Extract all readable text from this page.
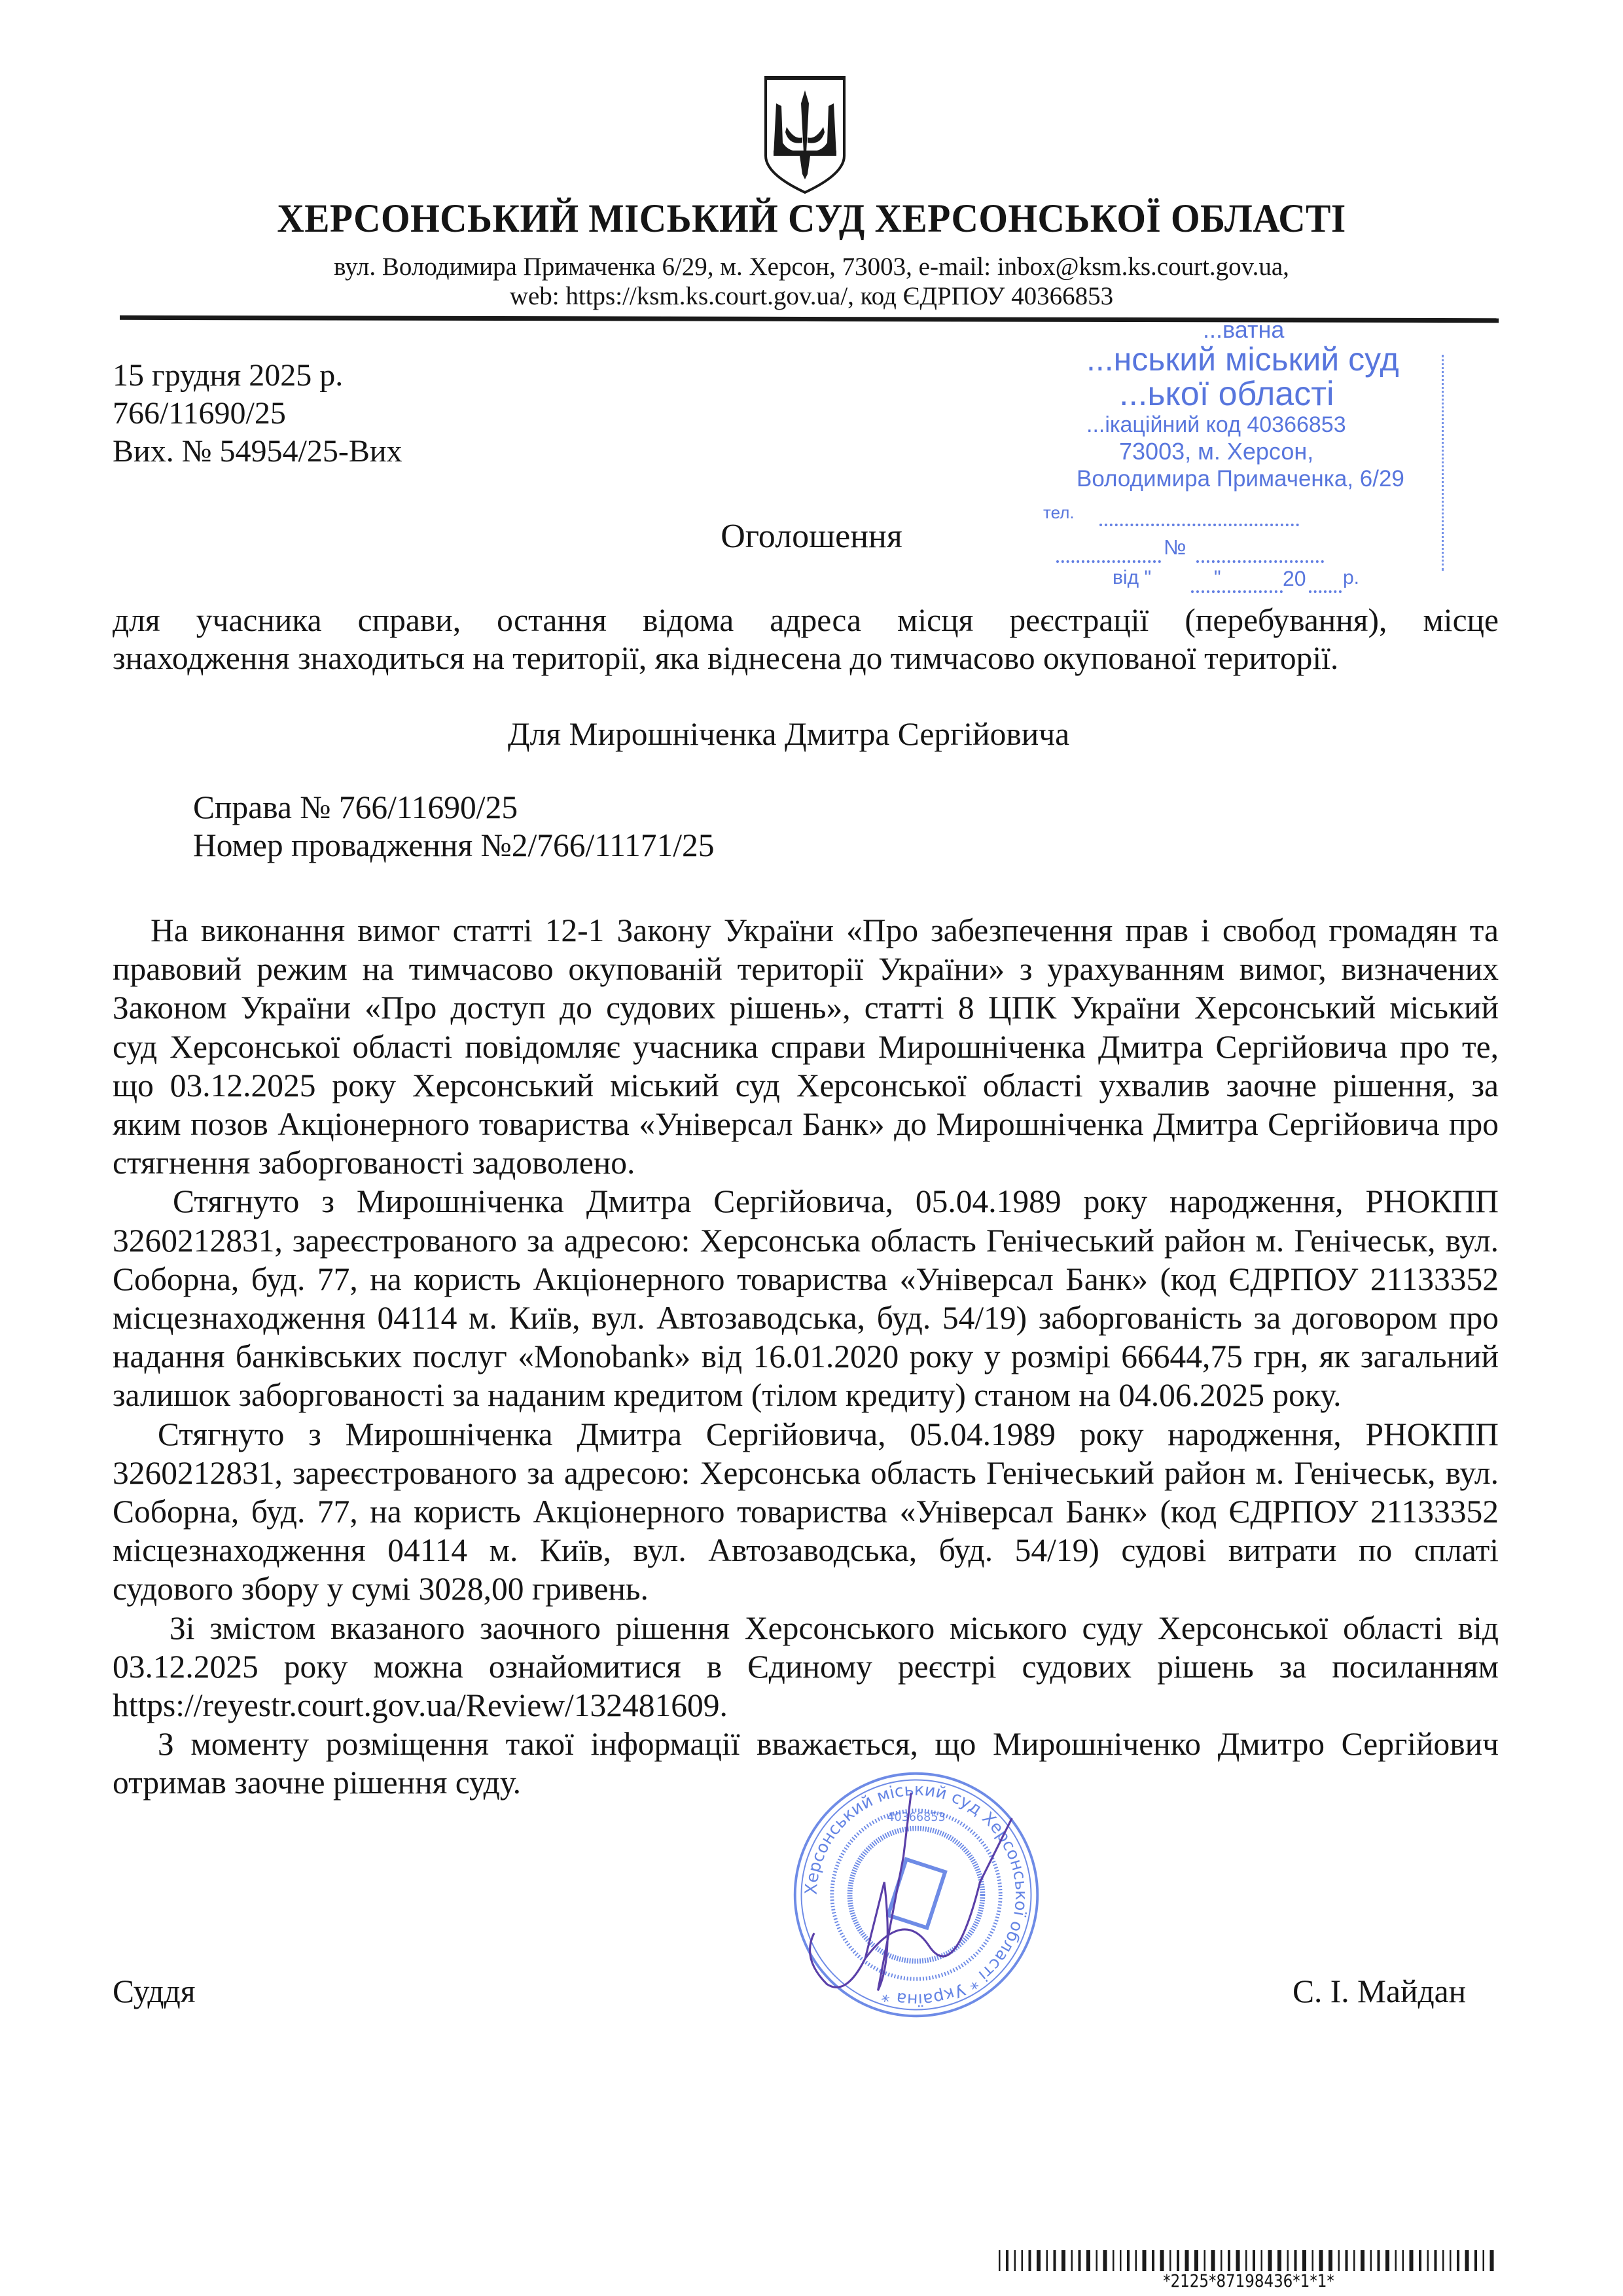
ХЕРСОНСЬКИЙ МІСЬКИЙ СУД ХЕРСОНСЬКОЇ ОБЛАСТІ
вул. Володимира Примаченка 6/29, м. Херсон, 73003, e-mail: inbox@ksm.ks.court.gov.ua,
web: https://ksm.ks.court.gov.ua/, код ЄДРПОУ 40366853
...ватна
...нський міський суд
...ької області
...ікаційний код 40366853
73003, м. Херсон,
Володимира Примаченка, 6/29
тел.
№
від "	"	20 р.
15 грудня 2025 р.
766/11690/25
Вих. № 54954/25-Вих
Оголошення
для учасника справи, остання відома адреса місця реєстрації (перебування), місце
знаходження знаходиться на території, яка віднесена до тимчасово окупованої території.
Для Мирошніченка Дмитра Сергійовича
Справа № 766/11690/25
Номер провадження №2/766/11171/25
На виконання вимог статті 12-1 Закону України «Про забезпечення прав і свобод громадян та
правовий режим на тимчасово окупованій території України» з урахуванням вимог, визначених
Законом України «Про доступ до судових рішень», статті 8 ЦПК України Херсонський міський
суд Херсонської області повідомляє учасника справи Мирошніченка Дмитра Сергійовича про те,
що 03.12.2025 року Херсонський міський суд Херсонської області ухвалив заочне рішення, за
яким позов Акціонерного товариства «Універсал Банк» до Мирошніченка Дмитра Сергійовича про
стягнення заборгованості задоволено.
Стягнуто з Мирошніченка Дмитра Сергійовича, 05.04.1989 року народження, РНОКПП
3260212831, зареєстрованого за адресою: Херсонська область Генічеський район м. Генічеськ, вул.
Соборна, буд. 77, на користь Акціонерного товариства «Універсал Банк» (код ЄДРПОУ 21133352
місцезнаходження 04114 м. Київ, вул. Автозаводська, буд. 54/19) заборгованість за договором про
надання банківських послуг «Monobank» від 16.01.2020 року у розмірі 66644,75 грн, як загальний
залишок заборгованості за наданим кредитом (тілом кредиту) станом на 04.06.2025 року.
Стягнуто з Мирошніченка Дмитра Сергійовича, 05.04.1989 року народження, РНОКПП
3260212831, зареєстрованого за адресою: Херсонська область Генічеський район м. Генічеськ, вул.
Соборна, буд. 77, на користь Акціонерного товариства «Універсал Банк» (код ЄДРПОУ 21133352
місцезнаходження 04114 м. Київ, вул. Автозаводська, буд. 54/19) судові витрати по сплаті
судового збору у сумі 3028,00 гривень.
Зі змістом вказаного заочного рішення Херсонського міського суду Херсонської області від
03.12.2025 року можна ознайомитися в Єдиному реєстрі судових рішень за посиланням
https://reyestr.court.gov.ua/Review/132481609.
З моменту розміщення такої інформації вважається, що Мирошніченко Дмитро Сергійович
отримав заочне рішення суду.
Херсонський міський суд Херсонської області * Україна *
40366853
Суддя	С. І. Майдан
*2125*87198436*1*1*
